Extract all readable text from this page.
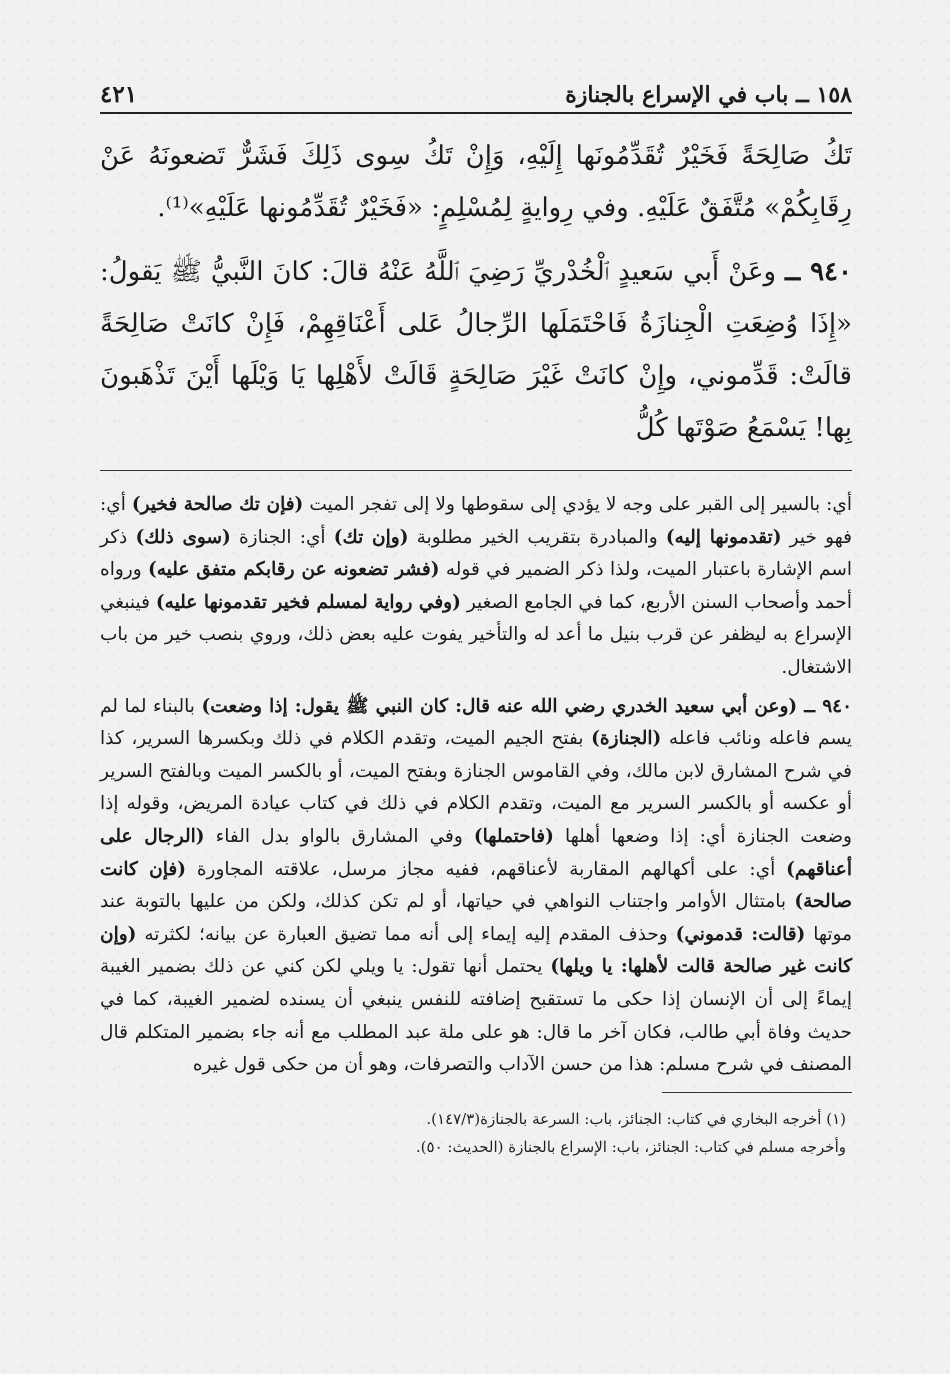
١٥٨ ــ باب في الإسراع بالجنازة
٤٢١

تَكُ صَالِحَةً فَخَيْرٌ تُقَدِّمُونَها إِلَيْهِ، وَإِنْ تَكُ سِوى ذَلِكَ فَشَرٌّ تَضعونَهُ عَنْ رِقَابِكُمْ» مُتَّفَقٌ عَلَيْهِ. وفي رِوايةٍ لِمُسْلِمٍ: «فَخَيْرٌ تُقَدِّمُونها عَلَيْهِ»⁽¹⁾.

٩٤٠ ــ وعَنْ أَبي سَعيدٍ ٱلْخُدْريِّ رَضِيَ ٱللَّهُ عَنْهُ قالَ: كانَ النَّبيُّ ﷺ يَقولُ: «إِذَا وُضِعَتِ الْجِنازَةُ فَاحْتَمَلَها الرِّجالُ عَلى أَعْنَاقِهِمْ، فَإِنْ كانَتْ صَالِحَةً قالَتْ: قَدِّموني، وإِنْ كانَتْ غَيْرَ صَالِحَةٍ قَالَتْ لأَهْلِها يَا وَيْلَها أَيْنَ تَذْهَبونَ بِها! يَسْمَعُ صَوْتَها كُلُّ

أي: بالسير إلى القبر على وجه لا يؤدي إلى سقوطها ولا إلى تفجر الميت (فإن تك صالحة فخير) أي: فهو خير (تقدمونها إليه) والمبادرة بتقريب الخير مطلوبة (وإن تك) أي: الجنازة (سوى ذلك) ذكر اسم الإشارة باعتبار الميت، ولذا ذكر الضمير في قوله (فشر تضعونه عن رقابكم متفق عليه) ورواه أحمد وأصحاب السنن الأربع، كما في الجامع الصغير (وفي رواية لمسلم فخير تقدمونها عليه) فينبغي الإسراع به ليظفر عن قرب بنيل ما أعد له والتأخير يفوت عليه بعض ذلك، وروي بنصب خير من باب الاشتغال.

٩٤٠ ــ (وعن أبي سعيد الخدري رضي الله عنه قال: كان النبي ﷺ يقول: إذا وضعت) بالبناء لما لم يسم فاعله ونائب فاعله (الجنازة) بفتح الجيم الميت، وتقدم الكلام في ذلك وبكسرها السرير، كذا في شرح المشارق لابن مالك، وفي القاموس الجنازة وبفتح الميت، أو بالكسر الميت وبالفتح السرير أو عكسه أو بالكسر السرير مع الميت، وتقدم الكلام في ذلك في كتاب عيادة المريض، وقوله إذا وضعت الجنازة أي: إذا وضعها أهلها (فاحتملها) وفي المشارق بالواو بدل الفاء (الرجال على أعناقهم) أي: على أكهالهم المقاربة لأعناقهم، ففيه مجاز مرسل، علاقته المجاورة (فإن كانت صالحة) بامتثال الأوامر واجتناب النواهي في حياتها، أو لم تكن كذلك، ولكن من عليها بالتوبة عند موتها (قالت: قدموني) وحذف المقدم إليه إيماء إلى أنه مما تضيق العبارة عن بيانه؛ لكثرته (وإن كانت غير صالحة قالت لأهلها: يا ويلها) يحتمل أنها تقول: يا ويلي لكن كني عن ذلك بضمير الغيبة إيماءً إلى أن الإنسان إذا حكى ما تستقبح إضافته للنفس ينبغي أن يسنده لضمير الغيبة، كما في حديث وفاة أبي طالب، فكان آخر ما قال: هو على ملة عبد المطلب مع أنه جاء بضمير المتكلم قال المصنف في شرح مسلم: هذا من حسن الآداب والتصرفات، وهو أن من حكى قول غيره

(١) أخرجه البخاري في كتاب: الجنائز، باب: السرعة بالجنازة(١٤٧/٣).

وأخرجه مسلم في كتاب: الجنائز، باب: الإسراع بالجنازة (الحديث: ٥٠).
